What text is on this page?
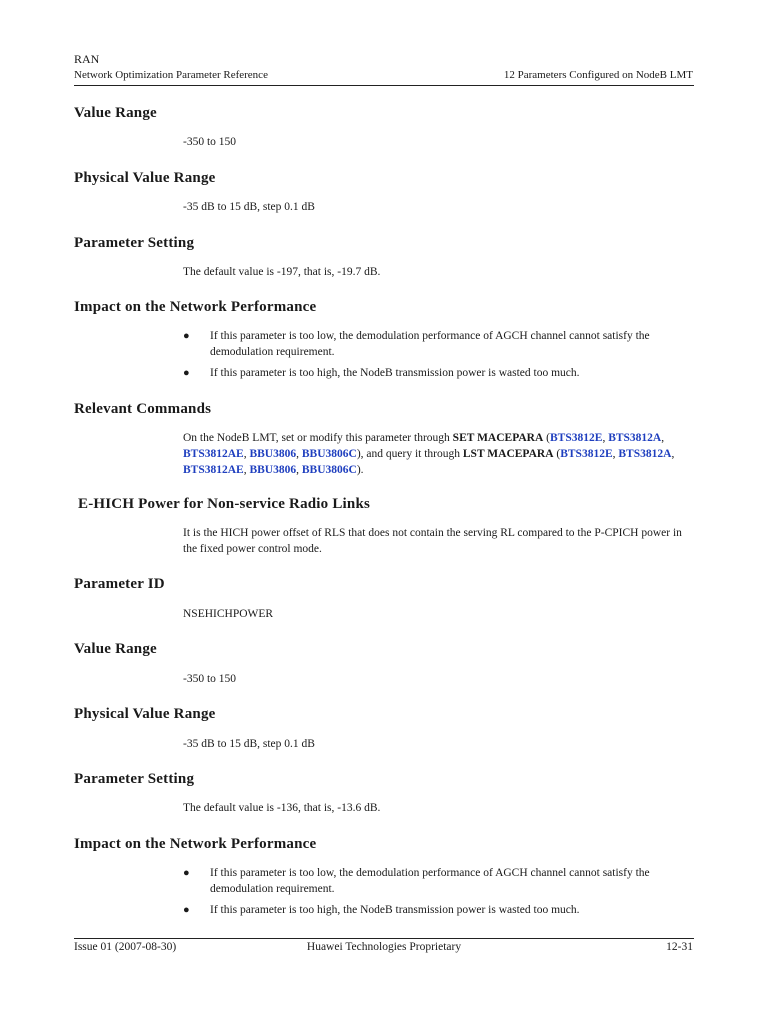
RAN
Network Optimization Parameter Reference	12 Parameters Configured on NodeB LMT
Value Range
-350 to 150
Physical Value Range
-35 dB to 15 dB, step 0.1 dB
Parameter Setting
The default value is -197, that is, -19.7 dB.
Impact on the Network Performance
● If this parameter is too low, the demodulation performance of AGCH channel cannot satisfy the demodulation requirement.
● If this parameter is too high, the NodeB transmission power is wasted too much.
Relevant Commands
On the NodeB LMT, set or modify this parameter through SET MACEPARA (BTS3812E, BTS3812A, BTS3812AE, BBU3806, BBU3806C), and query it through LST MACEPARA (BTS3812E, BTS3812A, BTS3812AE, BBU3806, BBU3806C).
E-HICH Power for Non-service Radio Links
It is the HICH power offset of RLS that does not contain the serving RL compared to the P-CPICH power in the fixed power control mode.
Parameter ID
NSEHICHPOWER
Value Range
-350 to 150
Physical Value Range
-35 dB to 15 dB, step 0.1 dB
Parameter Setting
The default value is -136, that is, -13.6 dB.
Impact on the Network Performance
● If this parameter is too low, the demodulation performance of AGCH channel cannot satisfy the demodulation requirement.
● If this parameter is too high, the NodeB transmission power is wasted too much.
Issue 01 (2007-08-30)	Huawei Technologies Proprietary	12-31
